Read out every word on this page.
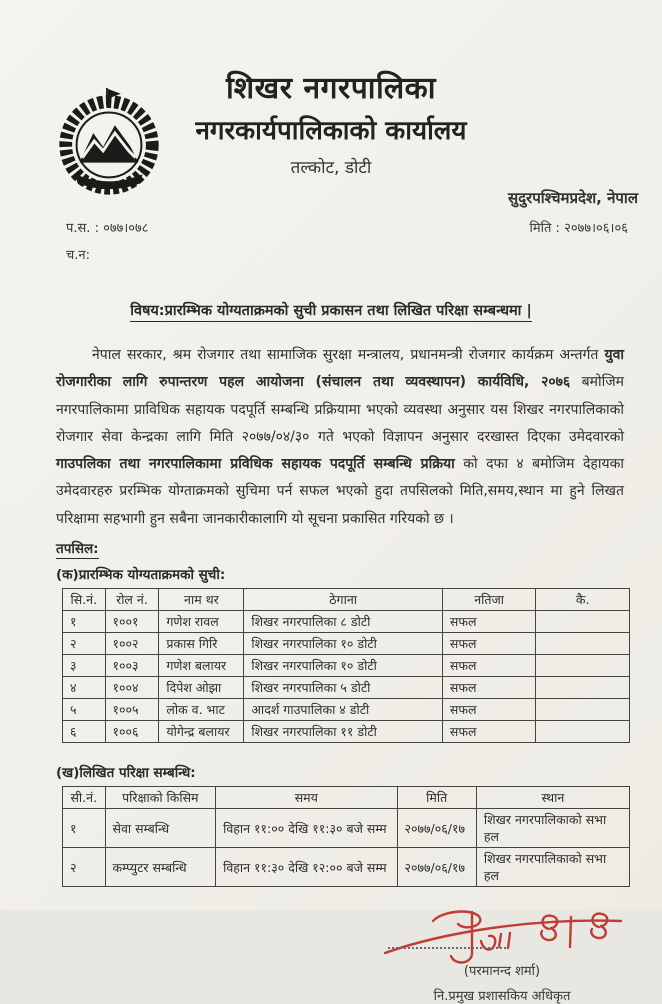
शिखर नगरपालिका
नगरकार्यपालिकाको कार्यालय
तल्कोट, डोटी
सुदुरपश्चिमप्रदेश, नेपाल
प.स. : ०७७।०७८
च.न:
मिति : २०७७।०६।०६
विषय:प्रारम्भिक योग्यताक्रमको सुची प्रकासन तथा लिखित परिक्षा सम्बन्धमा |
नेपाल सरकार, श्रम रोजगार तथा सामाजिक सुरक्षा मन्त्रालय, प्रधानमन्त्री रोजगार कार्यक्रम अन्तर्गत युवा रोजगारीका लागि रुपान्तरण पहल आयोजना (संचालन तथा व्यवस्थापन) कार्यविधि, २०७६ बमोजिम नगरपालिकामा प्राविधिक सहायक पदपूर्ति सम्बन्धि प्रक्रियामा भएको व्यवस्था अनुसार यस शिखर नगरपालिकाको रोजगार सेवा केन्द्रका लागि मिति २०७७/०४/३० गते भएको विज्ञापन अनुसार दरखास्त दिएका उमेदवारको गाउपलिका तथा नगरपालिकामा प्रविधिक सहायक पदपूर्ति सम्बन्धि प्रक्रिया को दफा ४ बमोजिम देहायका उमेदवारहरु प्ररम्भिक योग्ताक्रमको सुचिमा पर्न सफल भएको हुदा तपसिलको मिति,समय,स्थान मा हुने लिखत परिक्षामा सहभागी हुन सबैना जानकारीकालागि यो सूचना प्रकासित गरियको छ ।
तपसिल:
(क)प्रारम्भिक योग्यताक्रमको सुची:
सि.नं.	रोल नं.	नाम थर	ठेगाना	नतिजा	कै.
१	१००१	गणेश रावल	शिखर नगरपालिका ८ डोटी	सफल	
२	१००२	प्रकास गिरि	शिखर नगरपालिका १० डोटी	सफल	
३	१००३	गणेश बलायर	शिखर नगरपालिका १० डोटी	सफल	
४	१००४	दिपेश ओझा	शिखर नगरपालिका ५ डोटी	सफल	
५	१००५	लोक व. भाट	आदर्श गाउपालिका ४ डोटी	सफल	
६	१००६	योगेन्द्र बलायर	शिखर नगरपालिका ११ डोटी	सफल	
(ख)लिखित परिक्षा सम्बन्धि:
सी.नं.	परिक्षाको किसिम	समय	मिति	स्थान
१	सेवा सम्बन्धि	विहान ११:०० देखि ११:३० बजे सम्म	२०७७/०६/१७	शिखर नगरपालिकाको सभा हल
२	कम्प्युटर सम्बन्धि	विहान ११:३० देखि १२:०० बजे सम्म	२०७७/०६/१७	शिखर नगरपालिकाको सभा हल
(परमानन्द शर्मा)
नि.प्रमुख प्रशासकिय अधिकृत
